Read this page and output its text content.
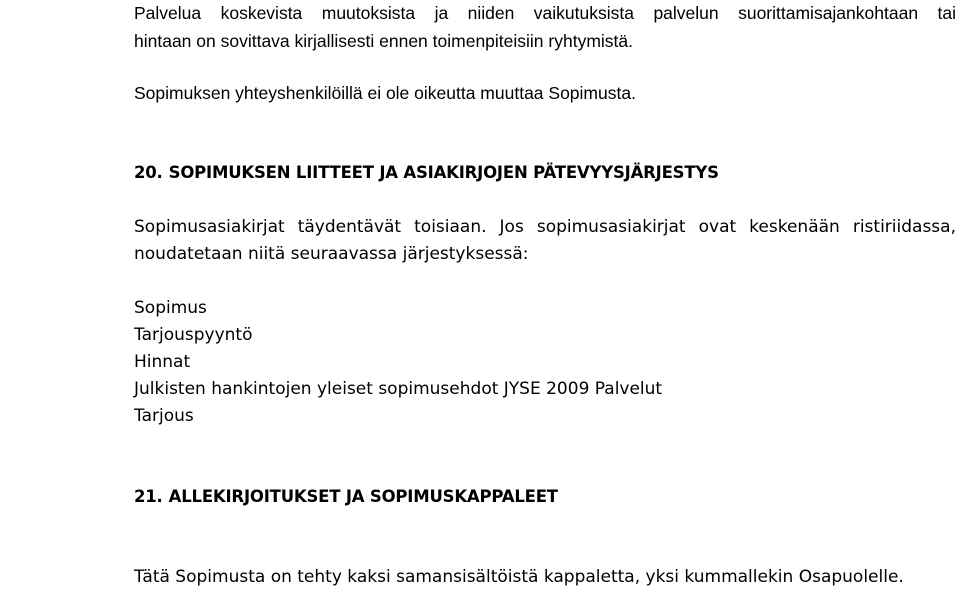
Palvelua koskevista muutoksista ja niiden vaikutuksista palvelun suorittamisajankohtaan tai
hintaan on sovittava kirjallisesti ennen toimenpiteisiin ryhtymistä.
Sopimuksen yhteyshenkilöillä ei ole oikeutta muuttaa Sopimusta.
20. SOPIMUKSEN LIITTEET JA ASIAKIRJOJEN PÄTEVYYSJÄRJESTYS
Sopimusasiakirjat täydentävät toisiaan. Jos sopimusasiakirjat ovat keskenään ristiriidassa,
noudatetaan niitä seuraavassa järjestyksessä:
Sopimus
Tarjouspyyntö
Hinnat
Julkisten hankintojen yleiset sopimusehdot JYSE 2009 Palvelut
Tarjous
21. ALLEKIRJOITUKSET JA SOPIMUSKAPPALEET
Tätä Sopimusta on tehty kaksi samansisältöistä kappaletta, yksi kummallekin Osapuolelle.
